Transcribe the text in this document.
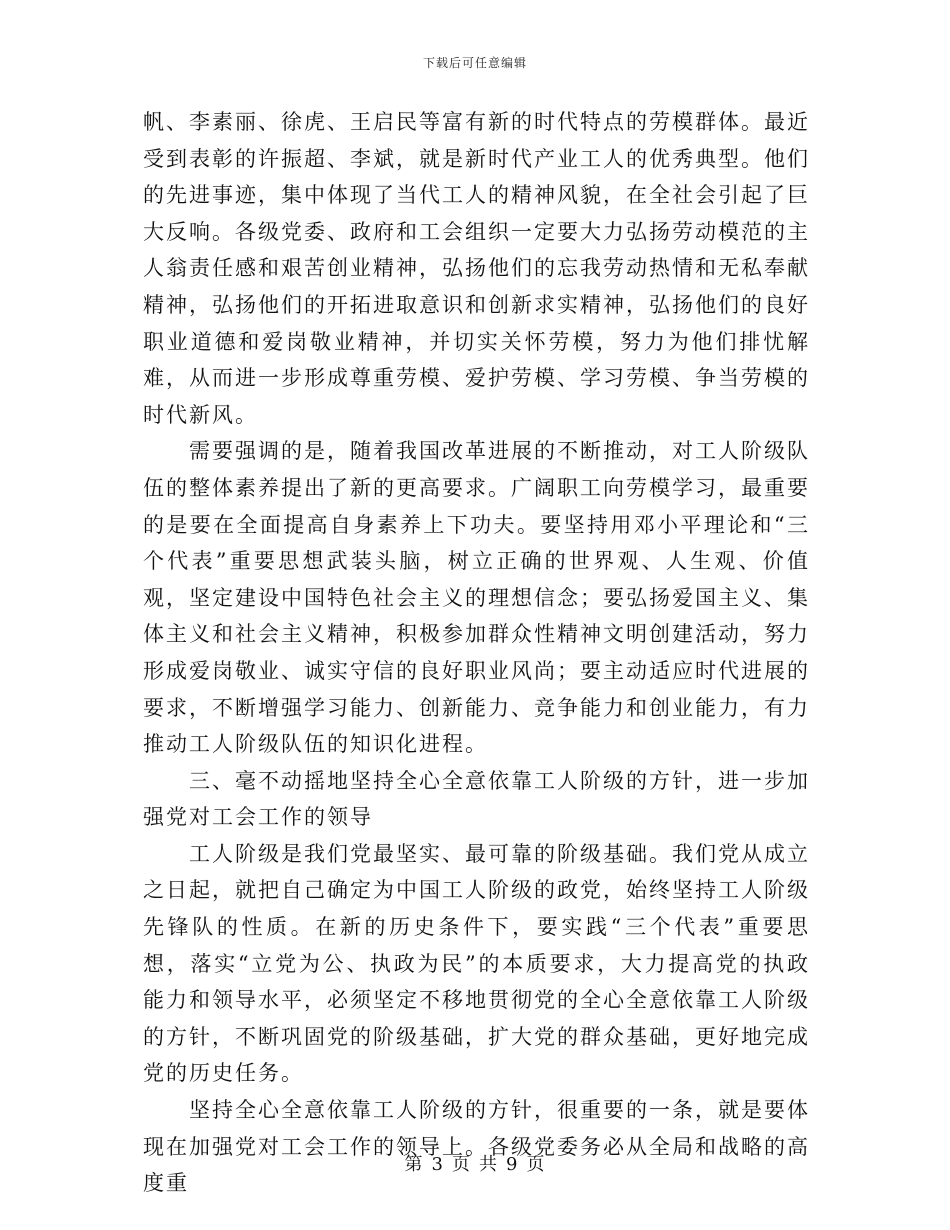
下载后可任意编辑

帆、李素丽、徐虎、王启民等富有新的时代特点的劳模群体。最近受到表彰的许振超、李斌，就是新时代产业工人的优秀典型。他们的先进事迹，集中体现了当代工人的精神风貌，在全社会引起了巨大反响。各级党委、政府和工会组织一定要大力弘扬劳动模范的主人翁责任感和艰苦创业精神，弘扬他们的忘我劳动热情和无私奉献精神，弘扬他们的开拓进取意识和创新求实精神，弘扬他们的良好职业道德和爱岗敬业精神，并切实关怀劳模，努力为他们排忧解难，从而进一步形成尊重劳模、爱护劳模、学习劳模、争当劳模的时代新风。

需要强调的是，随着我国改革进展的不断推动，对工人阶级队伍的整体素养提出了新的更高要求。广阔职工向劳模学习，最重要的是要在全面提高自身素养上下功夫。要坚持用邓小平理论和“三个代表”重要思想武装头脑，树立正确的世界观、人生观、价值观，坚定建设中国特色社会主义的理想信念；要弘扬爱国主义、集体主义和社会主义精神，积极参加群众性精神文明创建活动，努力形成爱岗敬业、诚实守信的良好职业风尚；要主动适应时代进展的要求，不断增强学习能力、创新能力、竞争能力和创业能力，有力推动工人阶级队伍的知识化进程。

三、毫不动摇地坚持全心全意依靠工人阶级的方针，进一步加强党对工会工作的领导

工人阶级是我们党最坚实、最可靠的阶级基础。我们党从成立之日起，就把自己确定为中国工人阶级的政党，始终坚持工人阶级先锋队的性质。在新的历史条件下，要实践“三个代表”重要思想，落实“立党为公、执政为民”的本质要求，大力提高党的执政能力和领导水平，必须坚定不移地贯彻党的全心全意依靠工人阶级的方针，不断巩固党的阶级基础，扩大党的群众基础，更好地完成党的历史任务。

坚持全心全意依靠工人阶级的方针，很重要的一条，就是要体现在加强党对工会工作的领导上。各级党委务必从全局和战略的高度重

第 3 页 共 9 页
